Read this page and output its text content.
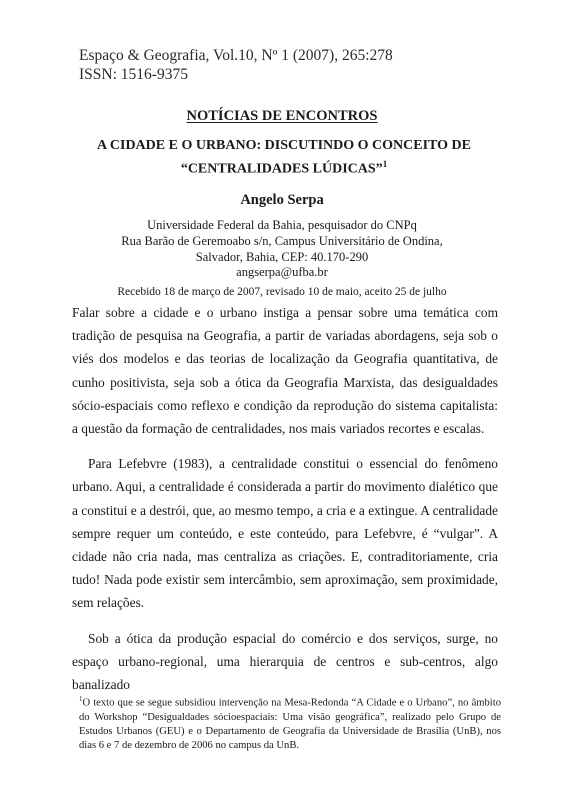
Espaço & Geografia, Vol.10, Nº 1 (2007), 265:278
ISSN: 1516-9375
NOTÍCIAS DE ENCONTROS
A CIDADE E O URBANO: DISCUTINDO O CONCEITO DE
“CENTRALIDADES LÚDICAS”$^1$
Angelo Serpa
Universidade Federal da Bahia, pesquisador do CNPq
Rua Barão de Geremoabo s/n, Campus Universitário de Ondina,
Salvador, Bahia, CEP: 40.170-290
angserpa@ufba.br
Recebido 18 de março de 2007, revisado 10 de maio, aceito 25 de julho

Falar sobre a cidade e o urbano instiga a pensar sobre uma temática com tradição de pesquisa na Geografia, a partir de variadas abordagens, seja sob o viés dos modelos e das teorias de localização da Geografia quantitativa, de cunho positivista, seja sob a ótica da Geografia Marxista, das desigualdades sócio-espaciais como reflexo e condição da reprodução do sistema capitalista: a questão da formação de centralidades, nos mais variados recortes e escalas.

Para Lefebvre (1983), a centralidade constitui o essencial do fenômeno urbano. Aqui, a centralidade é considerada a partir do movimento dialético que a constitui e a destrói, que, ao mesmo tempo, a cria e a extingue. A centralidade sempre requer um conteúdo, e este conteúdo, para Lefebvre, é “vulgar”. A cidade não cria nada, mas centraliza as criações. E, contraditoriamente, cria tudo! Nada pode existir sem intercâmbio, sem aproximação, sem proximidade, sem relações.

Sob a ótica da produção espacial do comércio e dos serviços, surge, no espaço urbano-regional, uma hierarquia de centros e sub-centros, algo banalizado

$^1$O texto que se segue subsidiou intervenção na Mesa-Redonda “A Cidade e o Urbano”, no âmbito do Workshop “Desigualdades sócioespaciais: Uma visão geográfica”, realizado pelo Grupo de Estudos Urbanos (GEU) e o Departamento de Geografia da Universidade de Brasília (UnB), nos dias 6 e 7 de dezembro de 2006 no campus da UnB.
